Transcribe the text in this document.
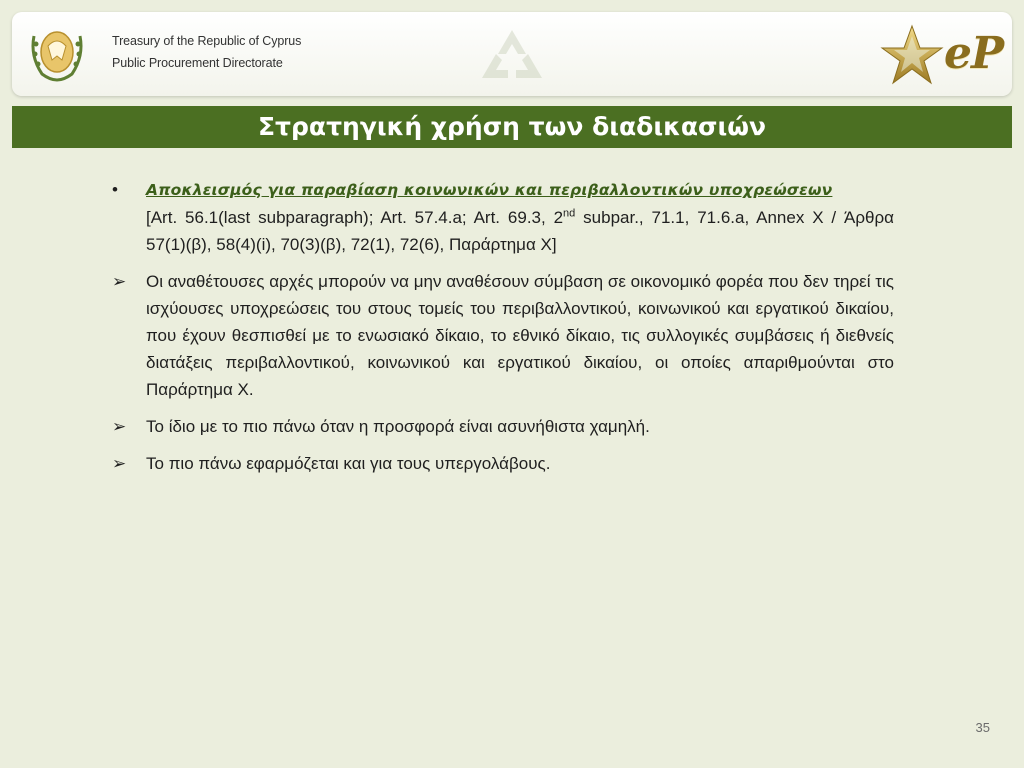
Treasury of the Republic of Cyprus
Public Procurement Directorate	eP
Στρατηγική χρήση των διαδικασιών
•	Αποκλεισμός για παραβίαση κοινωνικών και περιβαλλοντικών υποχρεώσεων
[Art. 56.1(last subparagraph); Art. 57.4.a; Art. 69.3, 2nd subpar., 71.1, 71.6.a, Annex X / Άρθρα 57(1)(β), 58(4)(i), 70(3)(β), 72(1), 72(6), Παράρτημα X]
➢	Οι αναθέτουσες αρχές μπορούν να μην αναθέσουν σύμβαση σε οικονομικό φορέα που δεν τηρεί τις ισχύουσες υποχρεώσεις του στους τομείς του περιβαλλοντικού, κοινωνικού και εργατικού δικαίου, που έχουν θεσπισθεί με το ενωσιακό δίκαιο, το εθνικό δίκαιο, τις συλλογικές συμβάσεις ή διεθνείς διατάξεις περιβαλλοντικού, κοινωνικού και εργατικού δικαίου, οι οποίες απαριθμούνται στο Παράρτημα X.
➢	Το ίδιο με το πιο πάνω όταν η προσφορά είναι ασυνήθιστα χαμηλή.
➢	Το πιο πάνω εφαρμόζεται και για τους υπεργολάβους.
35
